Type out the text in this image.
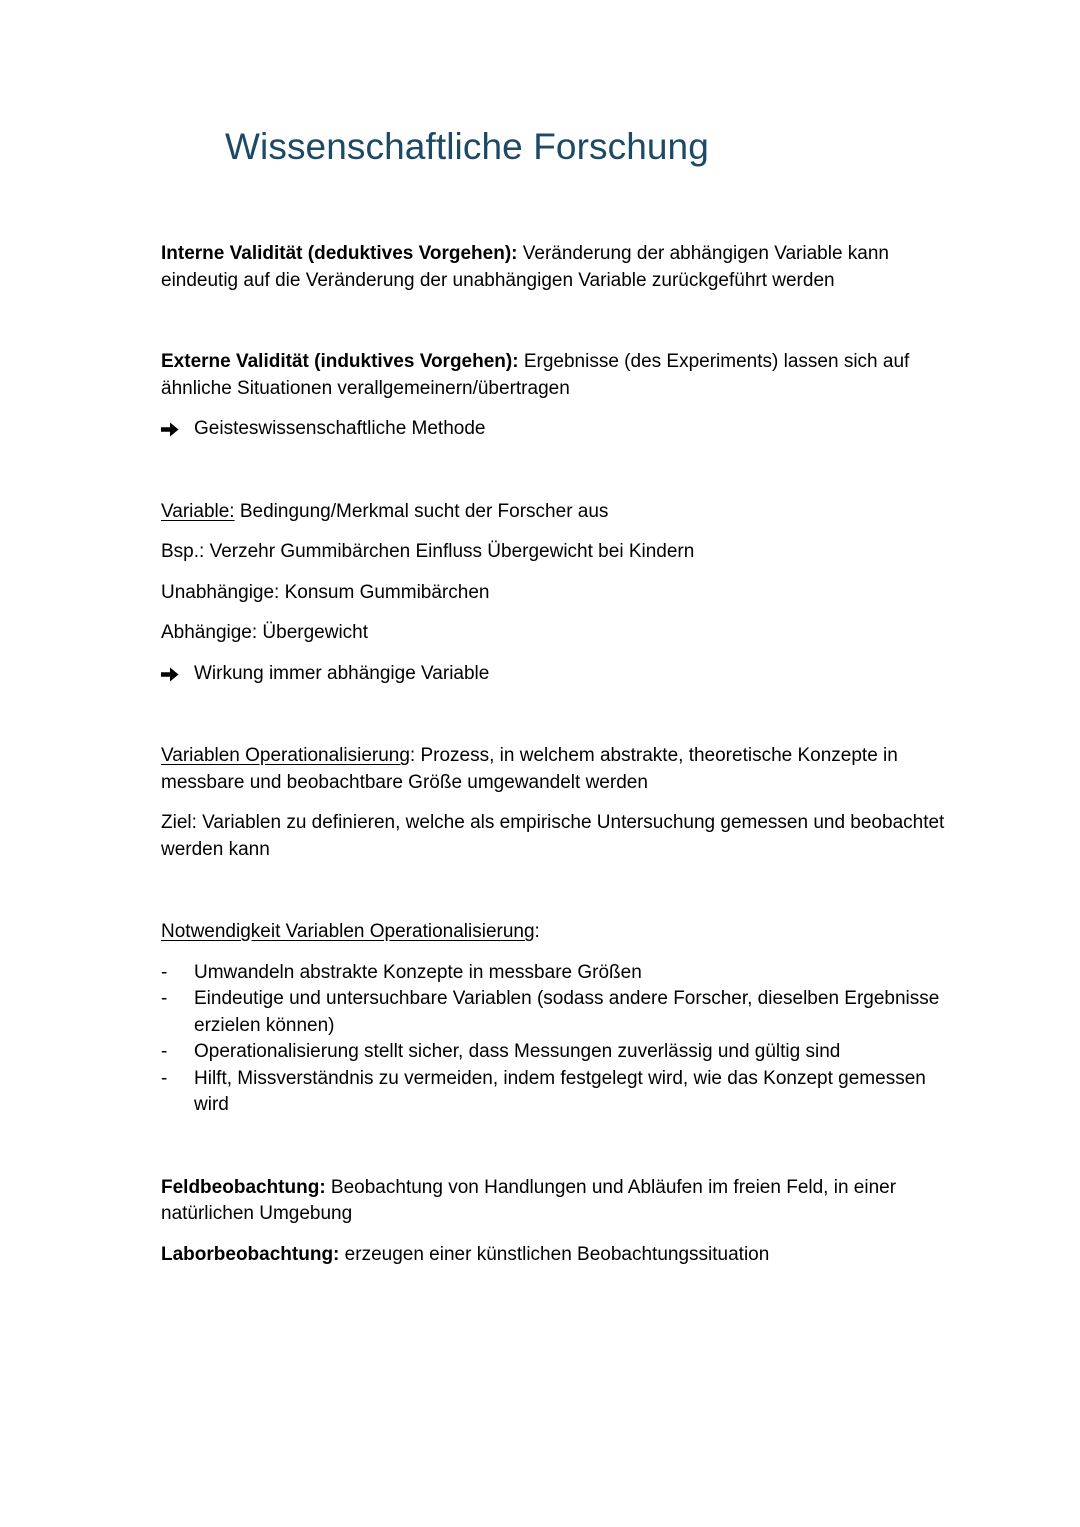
Wissenschaftliche Forschung

Interne Validität (deduktives Vorgehen): Veränderung der abhängigen Variable kann eindeutig auf die Veränderung der unabhängigen Variable zurückgeführt werden

Externe Validität (induktives Vorgehen): Ergebnisse (des Experiments) lassen sich auf ähnliche Situationen verallgemeinern/übertragen

Geisteswissenschaftliche Methode

Variable: Bedingung/Merkmal sucht der Forscher aus

Bsp.: Verzehr Gummibärchen Einfluss Übergewicht bei Kindern

Unabhängige: Konsum Gummibärchen

Abhängige: Übergewicht

Wirkung immer abhängige Variable

Variablen Operationalisierung: Prozess, in welchem abstrakte, theoretische Konzepte in messbare und beobachtbare Größe umgewandelt werden

Ziel: Variablen zu definieren, welche als empirische Untersuchung gemessen und beobachtet werden kann

Notwendigkeit Variablen Operationalisierung:

-	Umwandeln abstrakte Konzepte in messbare Größen
-	Eindeutige und untersuchbare Variablen (sodass andere Forscher, dieselben Ergebnisse erzielen können)
-	Operationalisierung stellt sicher, dass Messungen zuverlässig und gültig sind
-	Hilft, Missverständnis zu vermeiden, indem festgelegt wird, wie das Konzept gemessen wird

Feldbeobachtung: Beobachtung von Handlungen und Abläufen im freien Feld, in einer natürlichen Umgebung

Laborbeobachtung: erzeugen einer künstlichen Beobachtungssituation
